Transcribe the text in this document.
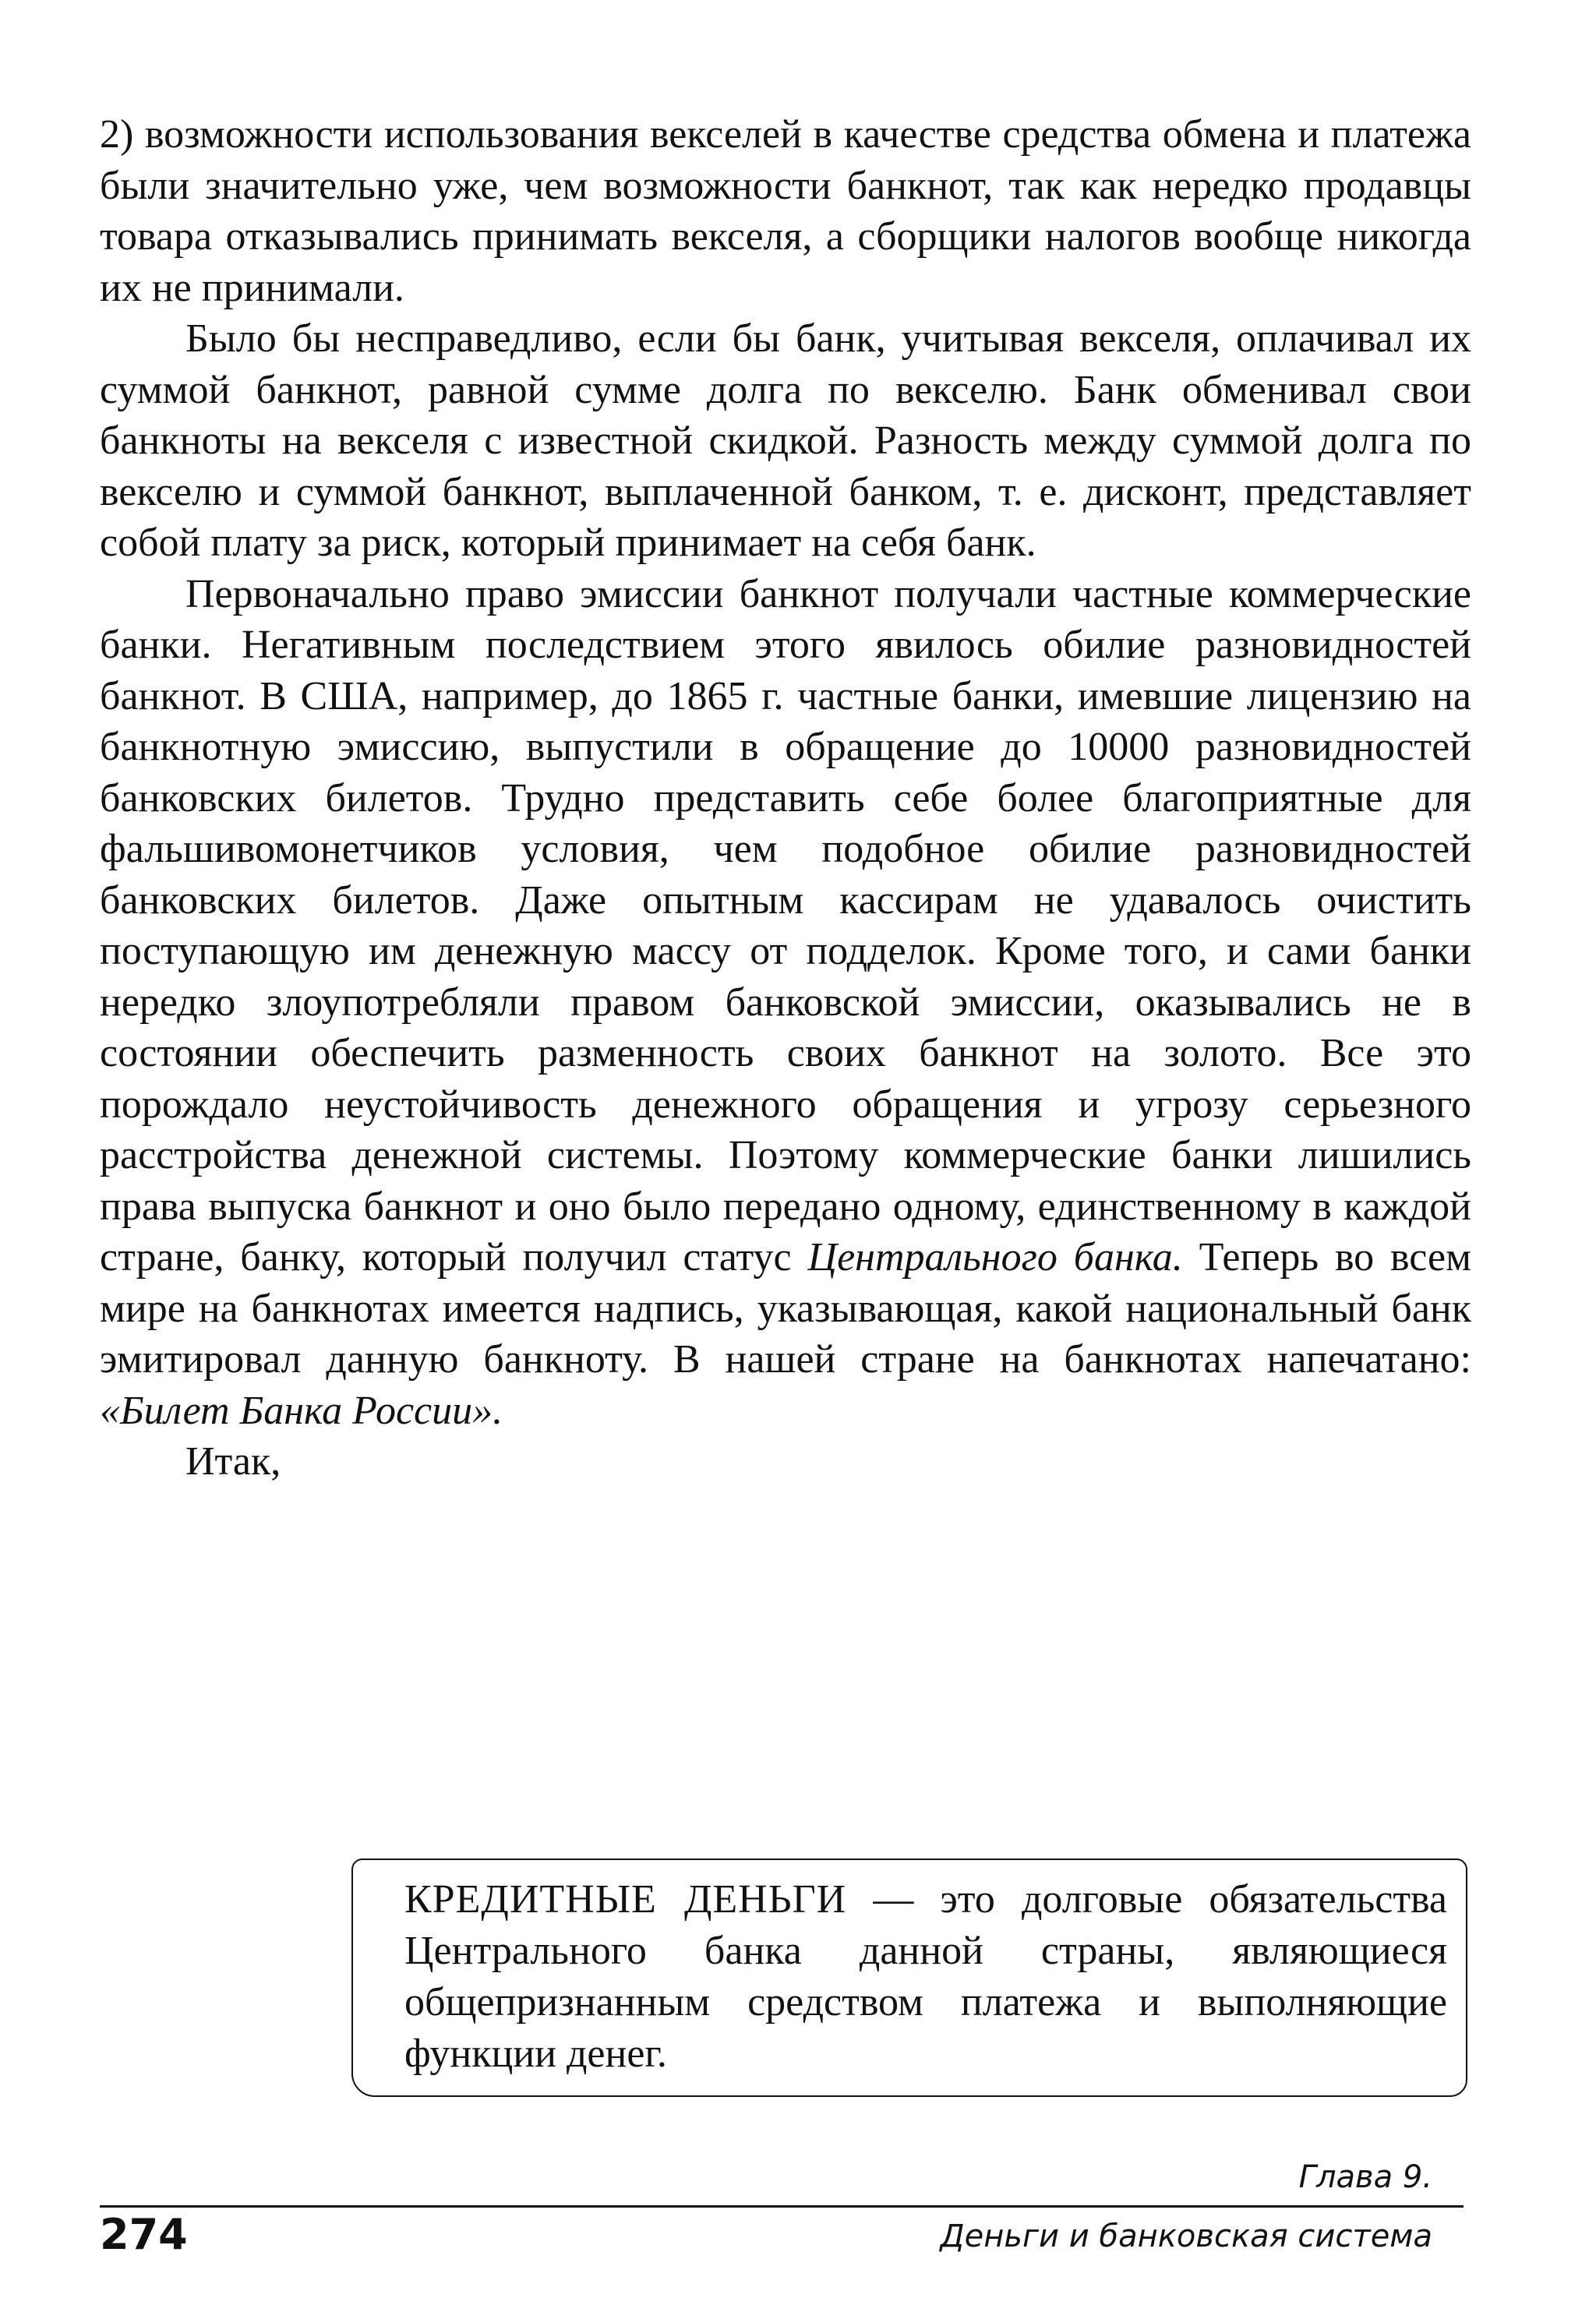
2) возможности использования векселей в качестве средства обмена и платежа были значительно уже, чем возможности банкнот, так как нередко продавцы товара отказывались принимать векселя, а сборщики налогов вообще никогда их не принимали.

Было бы несправедливо, если бы банк, учитывая векселя, оплачивал их суммой банкнот, равной сумме долга по векселю. Банк обменивал свои банкноты на векселя с известной скидкой. Разность между суммой долга по векселю и суммой банкнот, выплаченной банком, т. е. дисконт, представляет собой плату за риск, который принимает на себя банк.

Первоначально право эмиссии банкнот получали частные коммерческие банки. Негативным последствием этого явилось обилие разновидностей банкнот. В США, например, до 1865 г. частные банки, имевшие лицензию на банкнотную эмиссию, выпустили в обращение до 10000 разновидностей банковских билетов. Трудно представить себе более благоприятные для фальшивомонетчиков условия, чем подобное обилие разновидностей банковских билетов. Даже опытным кассирам не удавалось очистить поступающую им денежную массу от подделок. Кроме того, и сами банки нередко злоупотребляли правом банковской эмиссии, оказывались не в состоянии обеспечить разменность своих банкнот на золото. Все это порождало неустойчивость денежного обращения и угрозу серьезного расстройства денежной системы. Поэтому коммерческие банки лишились права выпуска банкнот и оно было передано одному, единственному в каждой стране, банку, который получил статус Центрального банка. Теперь во всем мире на банкнотах имеется надпись, указывающая, какой национальный банк эмитировал данную банкноту. В нашей стране на банкнотах напечатано: «Билет Банка России».

Итак,

КРЕДИТНЫЕ ДЕНЬГИ — это долговые обязательства Центрального банка данной страны, являющиеся общепризнанным средством платежа и выполняющие функции денег.
Глава 9.
274	Деньги и банковская система
